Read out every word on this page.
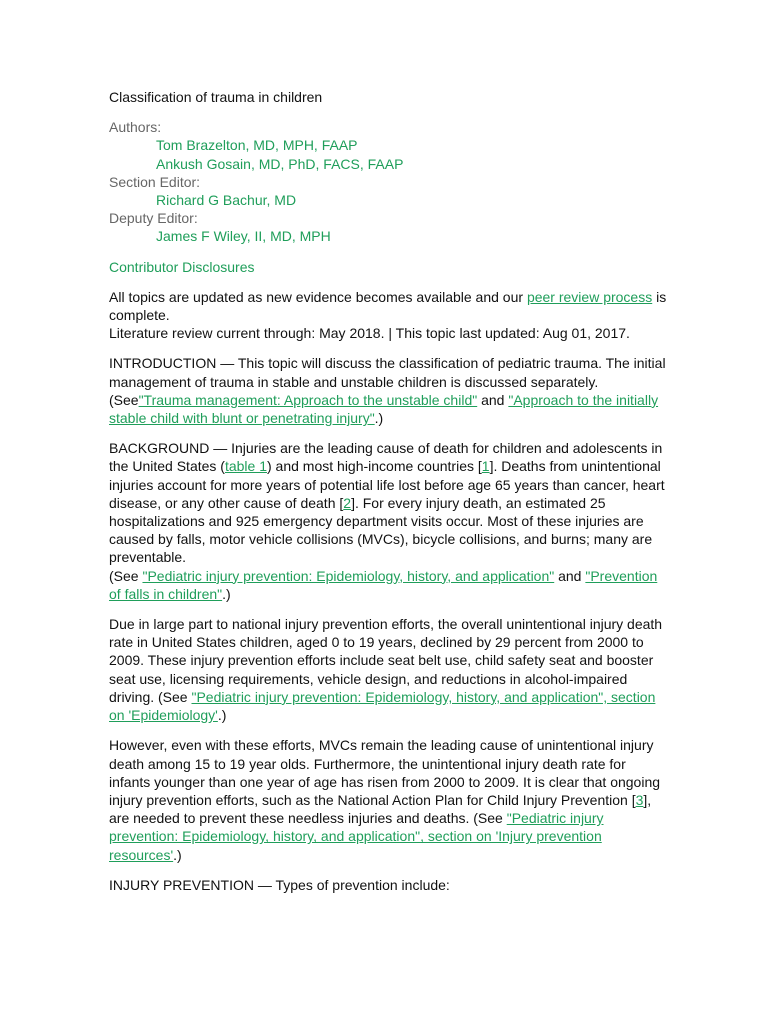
Classification of trauma in children
Authors:
Tom Brazelton, MD, MPH, FAAP
Ankush Gosain, MD, PhD, FACS, FAAP
Section Editor:
Richard G Bachur, MD
Deputy Editor:
James F Wiley, II, MD, MPH
Contributor Disclosures

All topics are updated as new evidence becomes available and our peer review process is complete.
Literature review current through: May 2018. | This topic last updated: Aug 01, 2017.

INTRODUCTION — This topic will discuss the classification of pediatric trauma. The initial management of trauma in stable and unstable children is discussed separately. (See"Trauma management: Approach to the unstable child" and "Approach to the initially stable child with blunt or penetrating injury".)

BACKGROUND — Injuries are the leading cause of death for children and adolescents in the United States (table 1) and most high-income countries [1]. Deaths from unintentional injuries account for more years of potential life lost before age 65 years than cancer, heart disease, or any other cause of death [2]. For every injury death, an estimated 25 hospitalizations and 925 emergency department visits occur. Most of these injuries are caused by falls, motor vehicle collisions (MVCs), bicycle collisions, and burns; many are preventable.
(See "Pediatric injury prevention: Epidemiology, history, and application" and "Prevention of falls in children".)

Due in large part to national injury prevention efforts, the overall unintentional injury death rate in United States children, aged 0 to 19 years, declined by 29 percent from 2000 to 2009. These injury prevention efforts include seat belt use, child safety seat and booster seat use, licensing requirements, vehicle design, and reductions in alcohol-impaired driving. (See "Pediatric injury prevention: Epidemiology, history, and application", section on 'Epidemiology'.)

However, even with these efforts, MVCs remain the leading cause of unintentional injury death among 15 to 19 year olds. Furthermore, the unintentional injury death rate for infants younger than one year of age has risen from 2000 to 2009. It is clear that ongoing injury prevention efforts, such as the National Action Plan for Child Injury Prevention [3], are needed to prevent these needless injuries and deaths. (See "Pediatric injury prevention: Epidemiology, history, and application", section on 'Injury prevention resources'.)

INJURY PREVENTION — Types of prevention include:
